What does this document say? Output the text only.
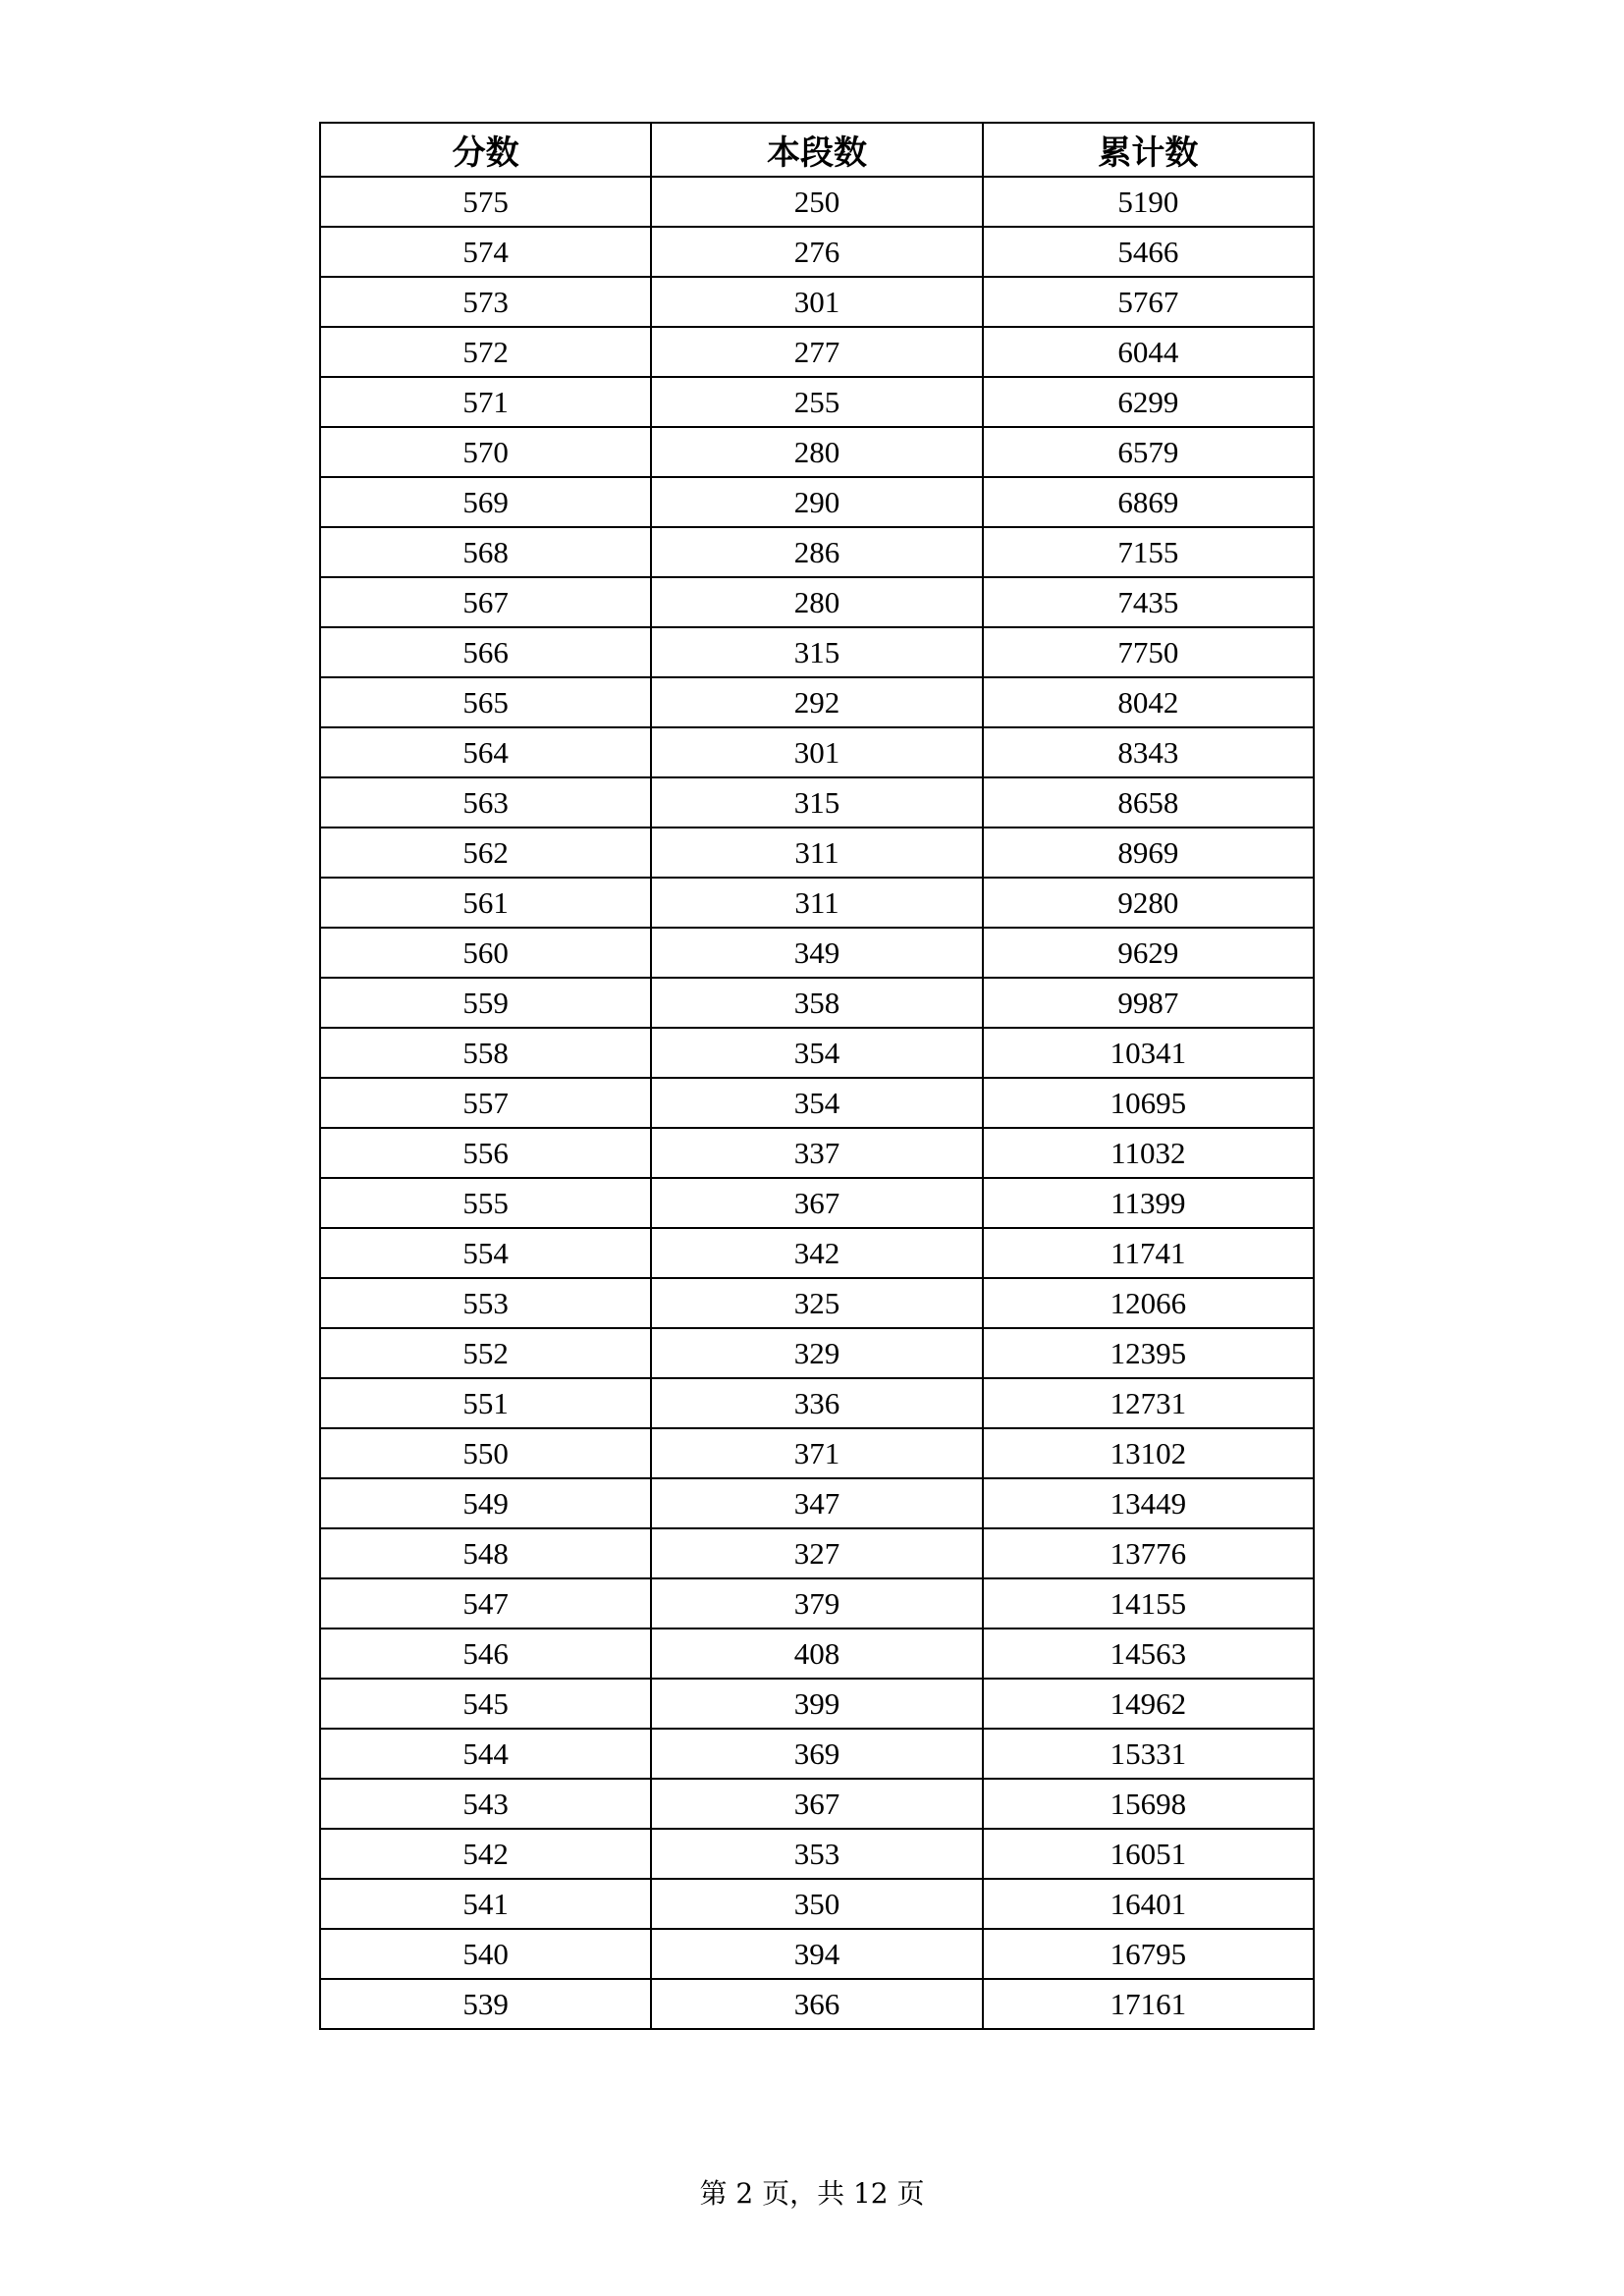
分数	本段数	累计数
575	250	5190
574	276	5466
573	301	5767
572	277	6044
571	255	6299
570	280	6579
569	290	6869
568	286	7155
567	280	7435
566	315	7750
565	292	8042
564	301	8343
563	315	8658
562	311	8969
561	311	9280
560	349	9629
559	358	9987
558	354	10341
557	354	10695
556	337	11032
555	367	11399
554	342	11741
553	325	12066
552	329	12395
551	336	12731
550	371	13102
549	347	13449
548	327	13776
547	379	14155
546	408	14563
545	399	14962
544	369	15331
543	367	15698
542	353	16051
541	350	16401
540	394	16795
539	366	17161
第 2 页，共 12 页
